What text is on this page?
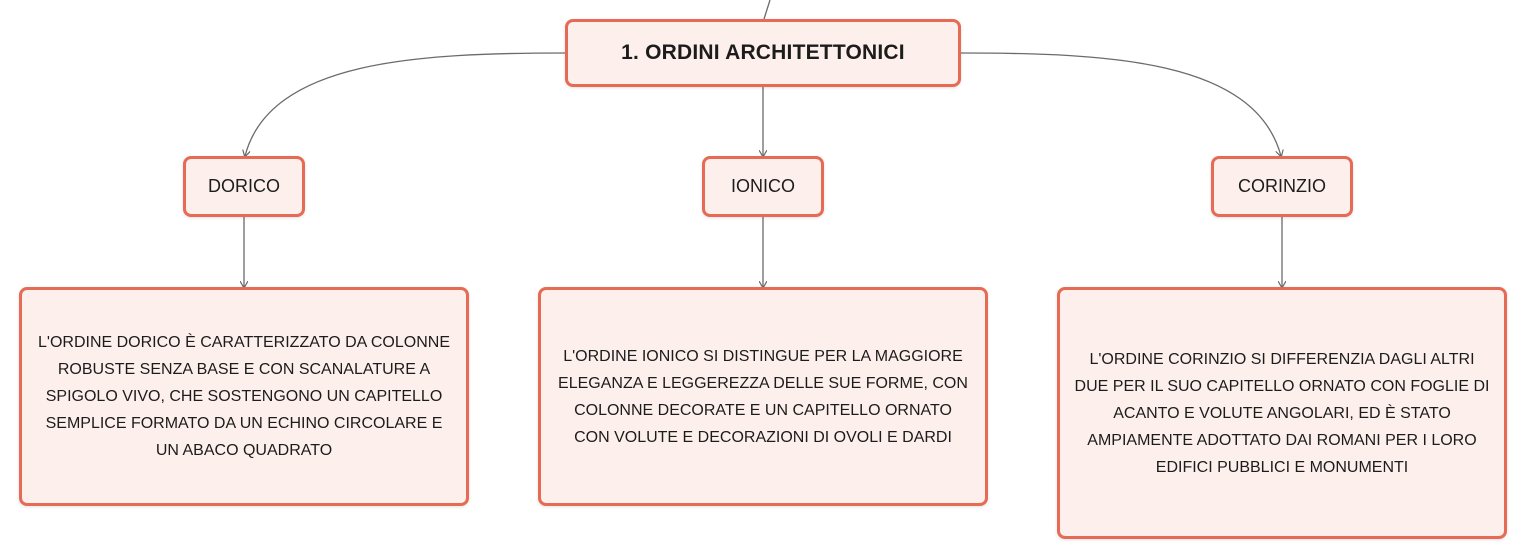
1. ORDINI ARCHITETTONICI
DORICO	IONICO	CORINZIO
L'ORDINE DORICO È CARATTERIZZATO DA COLONNE ROBUSTE SENZA BASE E CON SCANALATURE A SPIGOLO VIVO, CHE SOSTENGONO UN CAPITELLO SEMPLICE FORMATO DA UN ECHINO CIRCOLARE E UN ABACO QUADRATO
L'ORDINE IONICO SI DISTINGUE PER LA MAGGIORE ELEGANZA E LEGGEREZZA DELLE SUE FORME, CON COLONNE DECORATE E UN CAPITELLO ORNATO CON VOLUTE E DECORAZIONI DI OVOLI E DARDI
L'ORDINE CORINZIO SI DIFFERENZIA DAGLI ALTRI DUE PER IL SUO CAPITELLO ORNATO CON FOGLIE DI ACANTO E VOLUTE ANGOLARI, ED È STATO AMPIAMENTE ADOTTATO DAI ROMANI PER I LORO EDIFICI PUBBLICI E MONUMENTI
